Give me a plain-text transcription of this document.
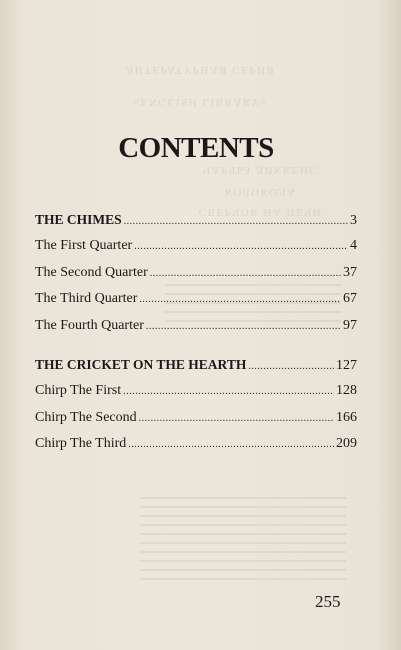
ЛИТЕРАТУРНАЯ СЕРИЯ
«ENGLISH LIBRARY»
ЧАРЛЬЗ ДИККЕНС
КОЛОКОЛА
СВЕРЧОК НА ПЕЧИ
CONTENTS
THE CHIMES .....	3
The First Quarter .....	4
The Second Quarter .....	37
The Third Quarter .....	67
The Fourth Quarter .....	97
THE CRICKET ON THE HEARTH .....	127
Chirp The First .....	128
Chirp The Second .....	166
Chirp The Third .....	209
255
